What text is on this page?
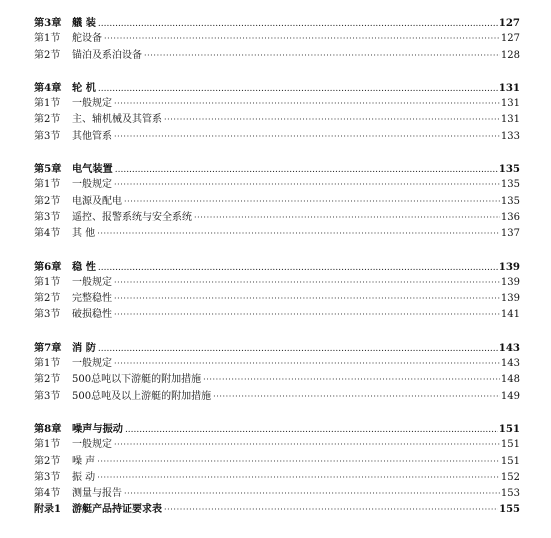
第3章	艤 装 .....	127
第1节	舵设备 ·····	127
第2节	锚泊及系泊设备 ·····	128
第4章	轮 机 .....	131
第1节	一般规定 ·····	131
第2节	主、辅机械及其管系 ·····	131
第3节	其他管系 ·····	133
第5章	电气装置 .....	135
第1节	一般规定 ·····	135
第2节	电源及配电 ·····	135
第3节	遥控、报警系统与安全系统 ·····	136
第4节	其 他 ·····	137
第6章	稳 性 .....	139
第1节	一般规定 ·····	139
第2节	完整稳性 ·····	139
第3节	破损稳性 ·····	141
第7章	消 防 .....	143
第1节	一般规定 ·····	143
第2节	500总吨以下游艇的附加措施 ·····	148
第3节	500总吨及以上游艇的附加措施 ·····	149
第8章	噪声与振动 .....	151
第1节	一般规定 ·····	151
第2节	噪 声 ·····	151
第3节	振 动 ·····	152
第4节	测量与报告 ·····	153
附录1	游艇产品持证要求表 ·····	155
